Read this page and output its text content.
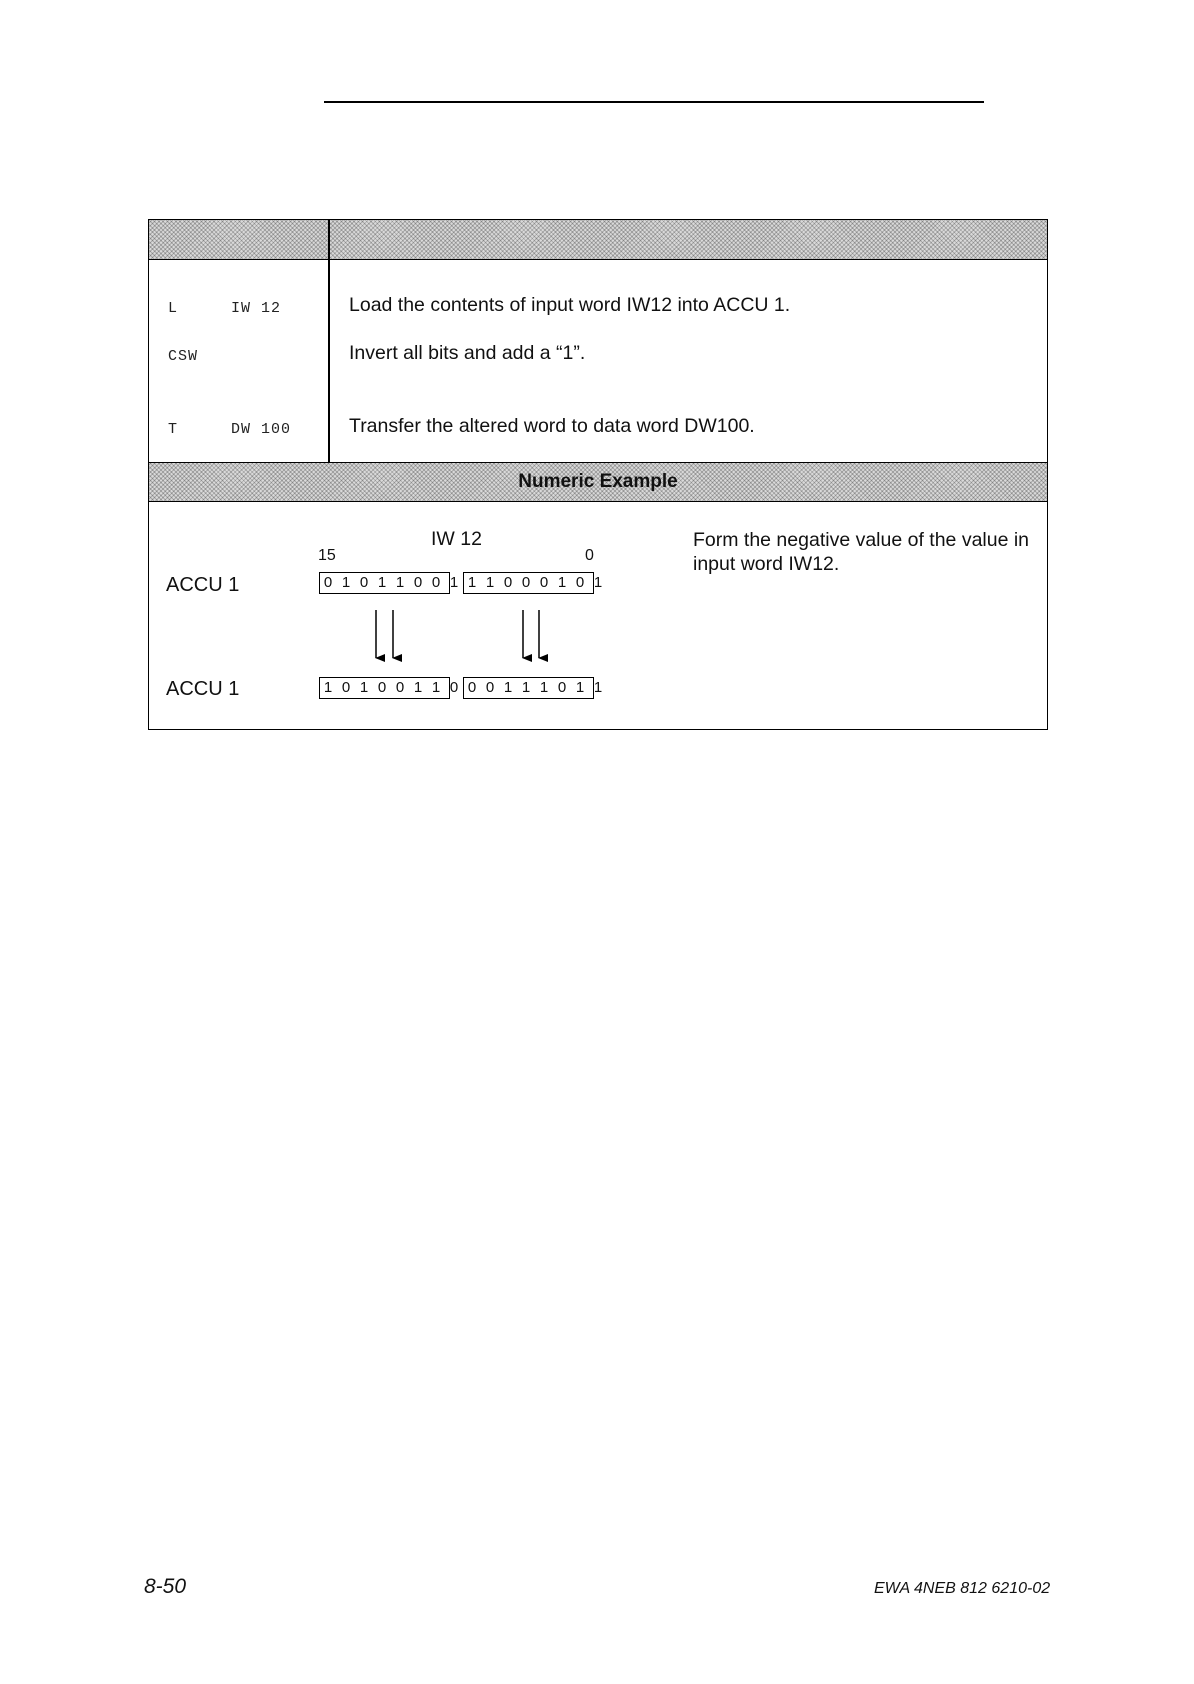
L	IW 12	Load the contents of input word IW12 into ACCU 1.
CSW	Invert all bits and add a “1”.
T	DW 100	Transfer the altered word to data word DW100.
Numeric Example
IW 12
15	0
ACCU 1
ACCU 1
0 1 0 1 1 0 0 1 1 1 0 0 0 1 0 1
1 0 1 0 0 1 1 0 0 0 1 1 1 0 1 1
Form the negative value of the value in input word IW12.
8-50	EWA 4NEB 812 6210-02
